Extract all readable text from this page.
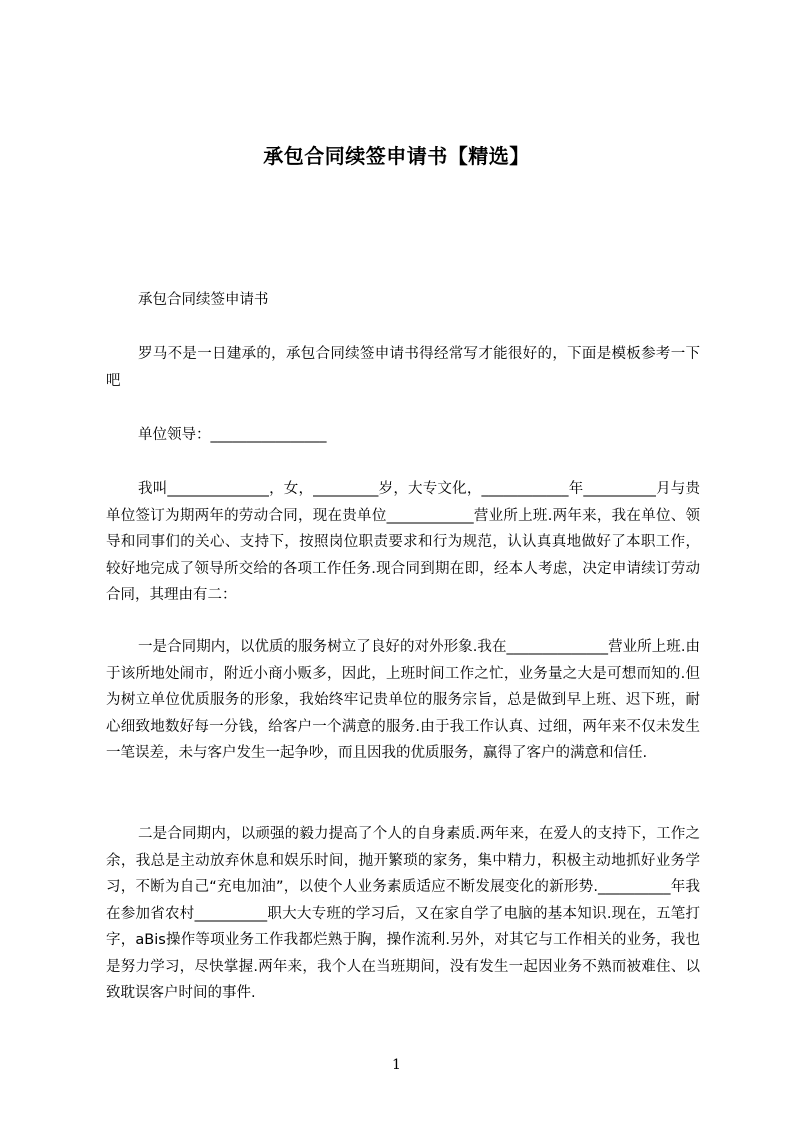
承包合同续签申请书【精选】
承包合同续签申请书

罗马不是一日建承的，承包合同续签申请书得经常写才能很好的，下面是模板参考一下吧

单位领导：________________

我叫______________，女，_________岁，大专文化，____________年__________月与贵单位签订为期两年的劳动合同，现在贵单位____________营业所上班.两年来，我在单位、领导和同事们的关心、支持下，按照岗位职责要求和行为规范，认认真真地做好了本职工作，较好地完成了领导所交给的各项工作任务.现合同到期在即，经本人考虑，决定申请续订劳动合同，其理由有二：

一是合同期内，以优质的服务树立了良好的对外形象.我在______________营业所上班.由于该所地处闹市，附近小商小贩多，因此，上班时间工作之忙，业务量之大是可想而知的.但为树立单位优质服务的形象，我始终牢记贵单位的服务宗旨，总是做到早上班、迟下班，耐心细致地数好每一分钱，给客户一个满意的服务.由于我工作认真、过细，两年来不仅未发生一笔误差，未与客户发生一起争吵，而且因我的优质服务，赢得了客户的满意和信任.

二是合同期内，以顽强的毅力提高了个人的自身素质.两年来，在爱人的支持下，工作之余，我总是主动放弃休息和娱乐时间，抛开繁琐的家务，集中精力，积极主动地抓好业务学习，不断为自己“充电加油”，以使个人业务素质适应不断发展变化的新形势.__________年我在参加省农村__________职大大专班的学习后，又在家自学了电脑的基本知识.现在，五笔打字，aBis操作等项业务工作我都烂熟于胸，操作流利.另外，对其它与工作相关的业务，我也是努力学习，尽快掌握.两年来，我个人在当班期间，没有发生一起因业务不熟而被难住、以致耽误客户时间的事件.

1
